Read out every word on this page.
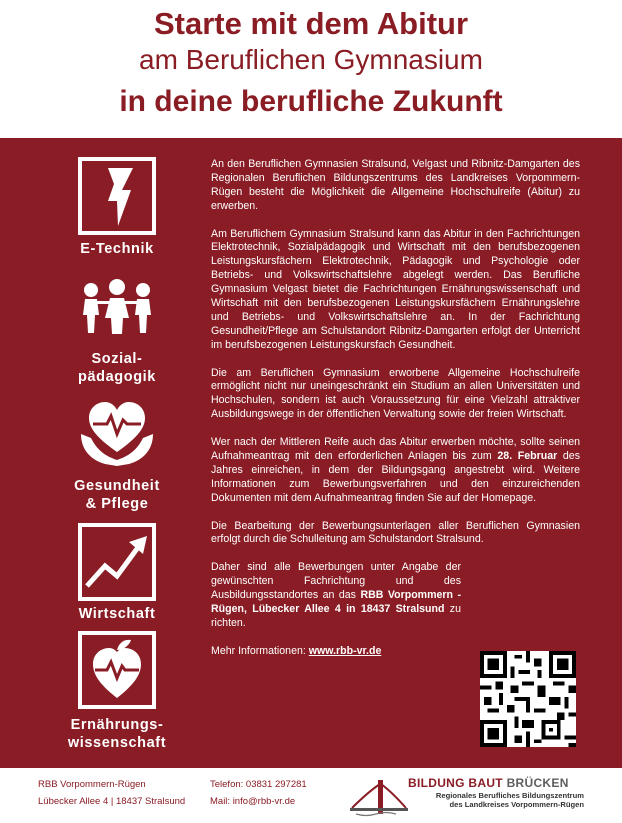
Starte mit dem Abitur
am Beruflichen Gymnasium
in deine berufliche Zukunft
E-Technik
Sozial-
pädagogik
Gesundheit
& Pflege
Wirtschaft
Ernährungs-
wissenschaft

An den Beruflichen Gymnasien Stralsund, Velgast und Ribnitz-Damgarten des Regionalen Beruflichen Bildungszentrums des Landkreises Vorpommern-Rügen besteht die Möglichkeit die Allgemeine Hochschulreife (Abitur) zu erwerben.

Am Beruflichem Gymnasium Stralsund kann das Abitur in den Fachrichtungen Elektrotechnik, Sozialpädagogik und Wirtschaft mit den berufsbezogenen Leistungskursfächern Elektrotechnik, Pädagogik und Psychologie oder Betriebs- und Volkswirtschaftslehre abgelegt werden. Das Berufliche Gymnasium Velgast bietet die Fachrichtungen Ernährungswissenschaft und Wirtschaft mit den berufsbezogenen Leistungskursfächern Ernährungslehre und Betriebs- und Volkswirtschaftslehre an. In der Fachrichtung Gesundheit/Pflege am Schulstandort Ribnitz-Damgarten erfolgt der Unterricht im berufsbezogenen Leistungskursfach Gesundheit.

Die am Beruflichen Gymnasium erworbene Allgemeine Hochschulreife ermöglicht nicht nur uneingeschränkt ein Studium an allen Universitäten und Hochschulen, sondern ist auch Voraussetzung für eine Vielzahl attraktiver Ausbildungswege in der öffentlichen Verwaltung sowie der freien Wirtschaft.

Wer nach der Mittleren Reife auch das Abitur erwerben möchte, sollte seinen Aufnahmeantrag mit den erforderlichen Anlagen bis zum 28. Februar des Jahres einreichen, in dem der Bildungsgang angestrebt wird. Weitere Informationen zum Bewerbungsverfahren und den einzureichenden Dokumenten mit dem Aufnahmeantrag finden Sie auf der Homepage.

Die Bearbeitung der Bewerbungsunterlagen aller Beruflichen Gymnasien erfolgt durch die Schulleitung am Schulstandort Stralsund.

Daher sind alle Bewerbungen unter Angabe der gewünschten Fachrichtung und des Ausbildungsstandortes an das RBB Vorpommern - Rügen, Lübecker Allee 4 in 18437 Stralsund zu richten.

Mehr Informationen: www.rbb-vr.de
RBB Vorpommern-Rügen
Lübecker Allee 4 | 18437 Stralsund
Telefon: 03831 297281
Mail: info@rbb-vr.de
BILDUNG BAUT BRÜCKEN
Regionales Berufliches Bildungszentrum
des Landkreises Vorpommern-Rügen
